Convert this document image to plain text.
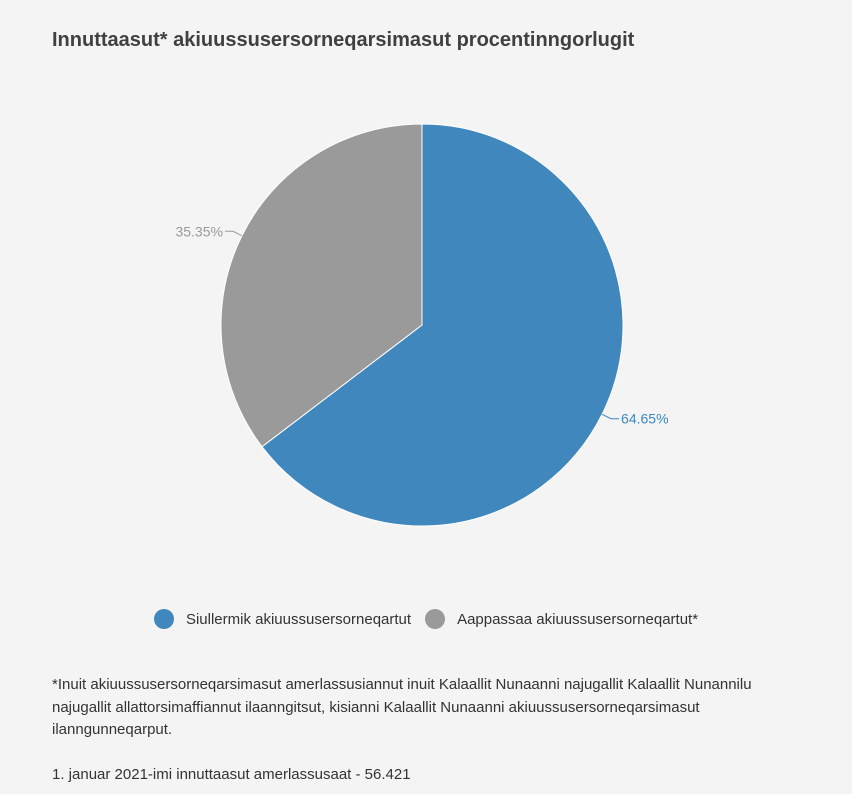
Innuttaasut* akiuussusersorneqarsimasut procentinngorlugit
64.65%
35.35%
Siullermik akiuussusersorneqartut	Aappassaa akiuussusersorneqartut*

*Inuit akiuussusersorneqarsimasut amerlassusiannut inuit Kalaallit Nunaanni najugallit Kalaallit Nunannilu najugallit allattorsimaffiannut ilaanngitsut, kisianni Kalaallit Nunaanni akiuussusersorneqarsimasut ilanngunneqarput.

1. januar 2021-imi innuttaasut amerlassusaat - 56.421
